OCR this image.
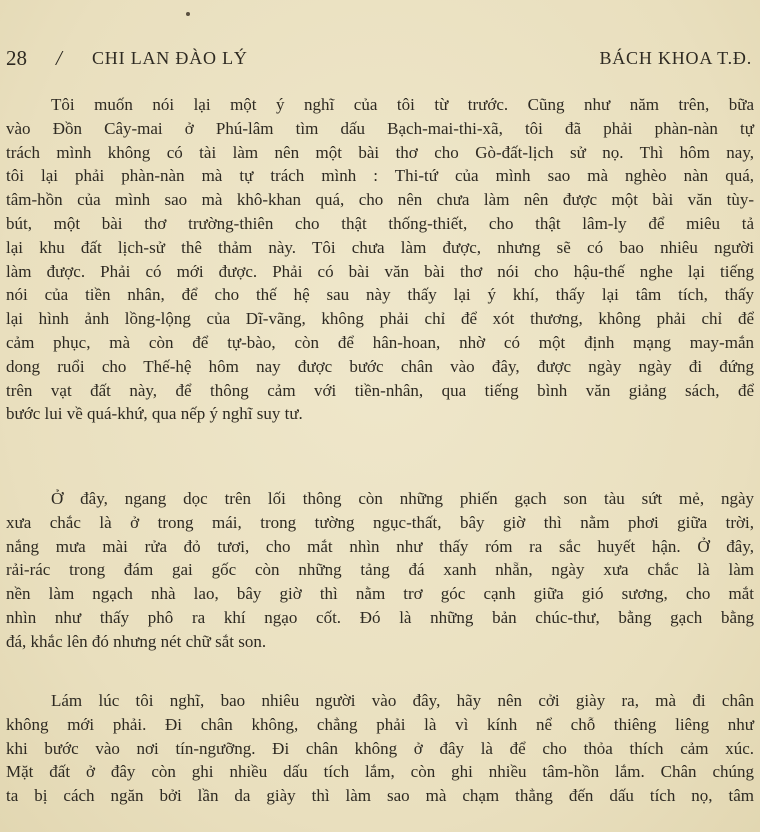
28 / CHI LAN ĐÀO LÝ	BÁCH KHOA T.Đ.
Tôi muốn nói lại một ý nghĩ của tôi từ trước. Cũng như năm trên, bữa
vào Đồn Cây-mai ở Phú-lâm tìm dấu Bạch-mai-thi-xã, tôi đã phải phàn-nàn tự
trách mình không có tài làm nên một bài thơ cho Gò-đất-lịch sử nọ. Thì hôm nay,
tôi lại phải phàn-nàn mà tự trách mình : Thi-tứ của mình sao mà nghèo nàn quá,
tâm-hồn của mình sao mà khô-khan quá, cho nên chưa làm nên được một bài văn tùy-
bút, một bài thơ trường-thiên cho thật thống-thiết, cho thật lâm-ly để miêu tả
lại khu đất lịch-sử thê thảm này. Tôi chưa làm được, nhưng sẽ có bao nhiêu người
làm được. Phải có mới được. Phải có bài văn bài thơ nói cho hậu-thế nghe lại tiếng
nói của tiền nhân, để cho thế hệ sau này thấy lại ý khí, thấy lại tâm tích, thấy
lại hình ảnh lồng-lộng của Dĩ-vãng, không phải chỉ để xót thương, không phải chỉ để
cảm phục, mà còn để tự-bào, còn để hân-hoan, nhờ có một định mạng may-mắn
dong ruổi cho Thế-hệ hôm nay được bước chân vào đây, được ngày ngày đi đứng
trên vạt đất này, để thông cảm với tiền-nhân, qua tiếng bình văn giảng sách, để
bước lui về quá-khứ, qua nếp ý nghĩ suy tư.
Ở đây, ngang dọc trên lối thông còn những phiến gạch son tàu sứt mẻ, ngày
xưa chắc là ở trong mái, trong tường ngục-thất, bây giờ thì nằm phơi giữa trời,
nắng mưa mài rửa đỏ tươi, cho mắt nhìn như thấy róm ra sắc huyết hận. Ở đây,
rải-rác trong đám gai gốc còn những tảng đá xanh nhẵn, ngày xưa chắc là làm
nền làm ngạch nhà lao, bây giờ thì nằm trơ góc cạnh giữa gió sương, cho mắt
nhìn như thấy phô ra khí ngạo cốt. Đó là những bản chúc-thư, bằng gạch bằng
đá, khắc lên đó nhưng nét chữ sắt son.
Lám lúc tôi nghĩ, bao nhiêu người vào đây, hãy nên cởi giày ra, mà đi chân
không mới phải. Đi chân không, chẳng phải là vì kính nể chỗ thiêng liêng như
khi bước vào nơi tín-ngưỡng. Đi chân không ở đây là để cho thỏa thích cảm xúc.
Mặt đất ở đây còn ghi nhiều dấu tích lắm, còn ghi nhiều tâm-hồn lắm. Chân chúng
ta bị cách ngăn bởi lần da giày thì làm sao mà chạm thẳng đến dấu tích nọ, tâm
